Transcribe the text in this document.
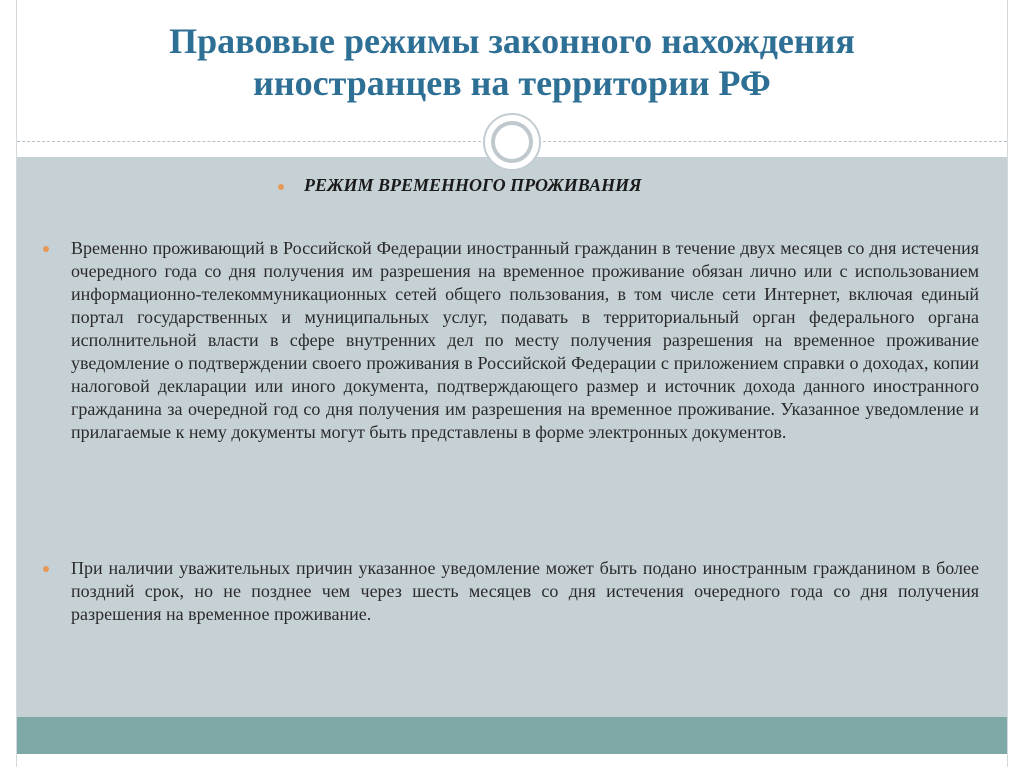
Правовые режимы законного нахождения
иностранцев на территории РФ
РЕЖИМ ВРЕМЕННОГО ПРОЖИВАНИЯ
Временно проживающий в Российской Федерации иностранный гражданин в течение двух месяцев со дня истечения очередного года со дня получения им разрешения на временное проживание обязан лично или с использованием информационно-телекоммуникационных сетей общего пользования, в том числе сети Интернет, включая единый портал государственных и муниципальных услуг, подавать в территориальный орган федерального органа исполнительной власти в сфере внутренних дел по месту получения разрешения на временное проживание уведомление о подтверждении своего проживания в Российской Федерации с приложением справки о доходах, копии налоговой декларации или иного документа, подтверждающего размер и источник дохода данного иностранного гражданина за очередной год со дня получения им разрешения на временное проживание. Указанное уведомление и прилагаемые к нему документы могут быть представлены в форме электронных документов.
При наличии уважительных причин указанное уведомление может быть подано иностранным гражданином в более поздний срок, но не позднее чем через шесть месяцев со дня истечения очередного года со дня получения разрешения на временное проживание.
